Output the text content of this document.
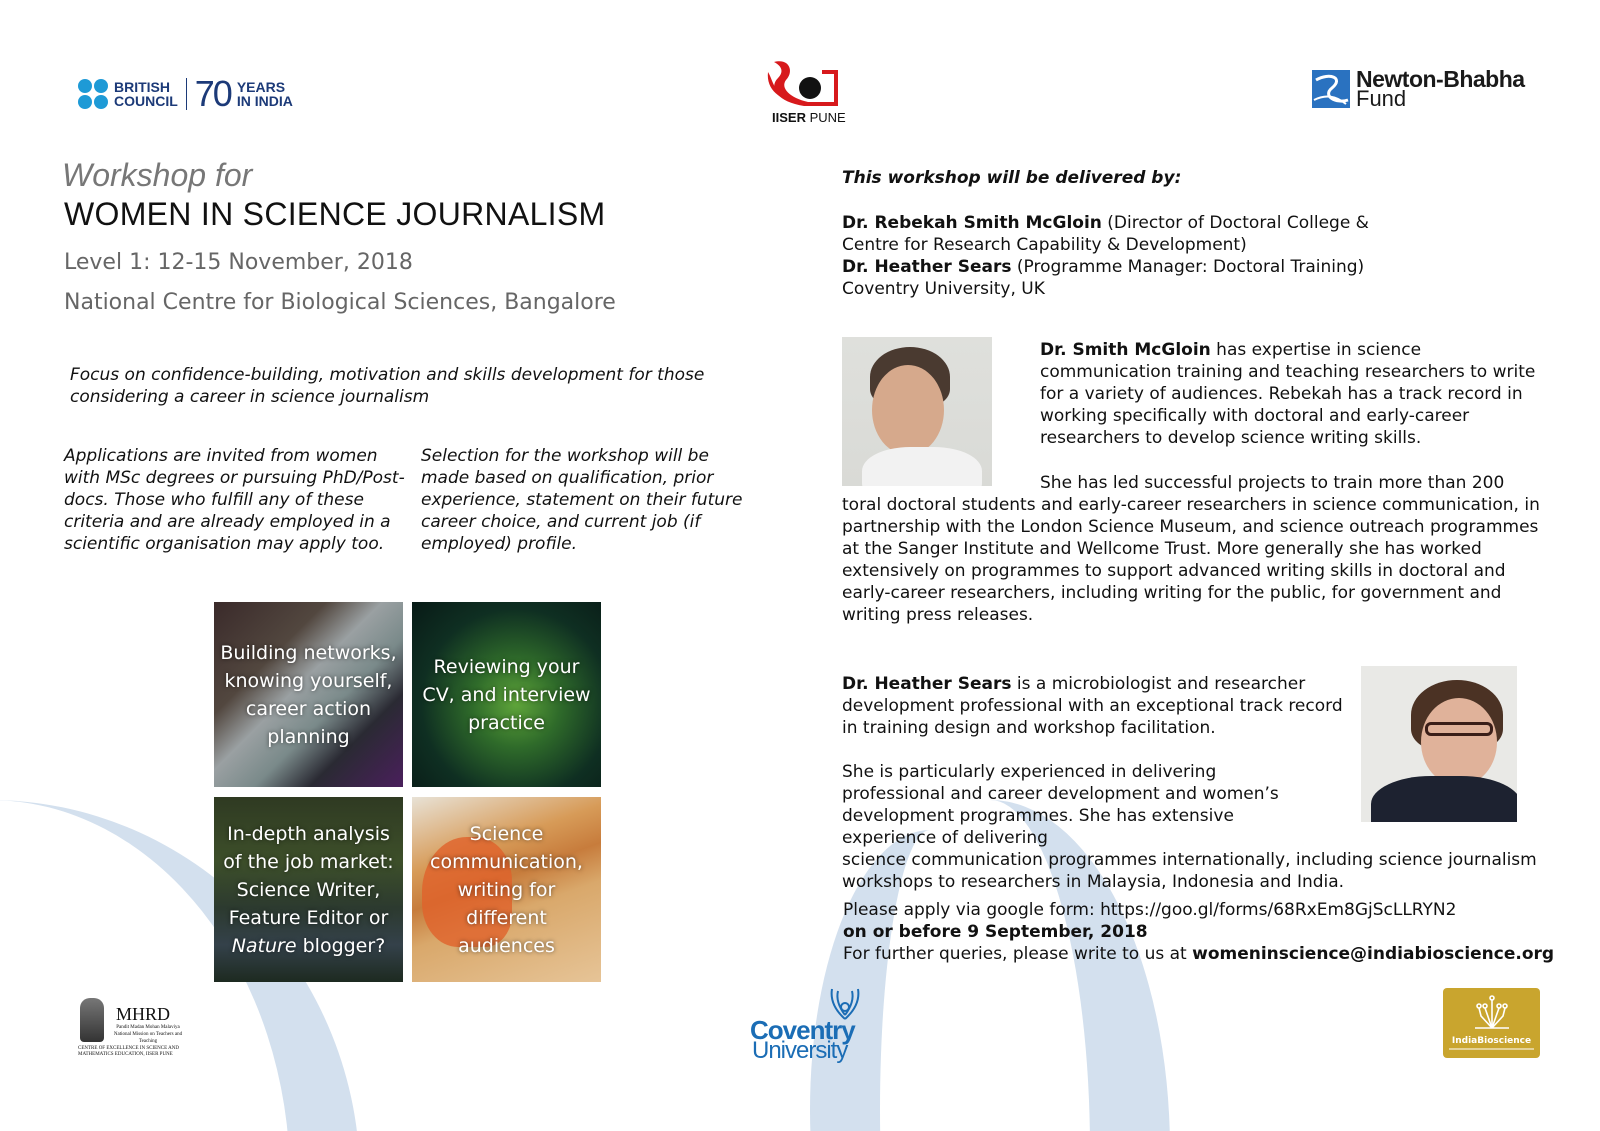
BRITISH
COUNCIL 70 YEARS
IN INDIA
IISER PUNE
Newton-Bhabha
Fund
Workshop for
WOMEN IN SCIENCE JOURNALISM
Level 1: 12-15 November, 2018
National Centre for Biological Sciences, Bangalore
Focus on confidence-building, motivation and skills development for those considering a career in science journalism
Applications are invited from women with MSc degrees or pursuing PhD/Post-docs. Those who fulfill any of these criteria and are already employed in a scientific organisation may apply too.
Selection for the workshop will be made based on qualification, prior experience, statement on their future career choice, and current job (if employed) profile.
Building networks, knowing yourself, career action planning
Reviewing your CV, and interview practice
In-depth analysis of the job market: Science Writer, Feature Editor or Nature blogger?
Science communication, writing for different audiences
This workshop will be delivered by:
Dr. Rebekah Smith McGloin (Director of Doctoral College & Centre for Research Capability & Development)
Dr. Heather Sears (Programme Manager: Doctoral Training)
Coventry University, UK
Dr. Smith McGloin has expertise in science communication training and teaching researchers to write for a variety of audiences. Rebekah has a track record in working specifically with doctoral and early-career researchers to develop science writing skills.
She has led successful projects to train more than 200 toral doctoral students and early-career researchers in science communication, in partnership with the London Science Museum, and science outreach programmes at the Sanger Institute and Wellcome Trust. More generally she has worked extensively on programmes to support advanced writing skills in doctoral and early-career researchers, including writing for the public, for government and writing press releases.
Dr. Heather Sears is a microbiologist and researcher development professional with an exceptional track record in training design and workshop facilitation.
She is particularly experienced in delivering professional and career development and women’s development programmes. She has extensive experience of delivering
science communication programmes internationally, including science journalism workshops to researchers in Malaysia, Indonesia and India.
Please apply via google form: https://goo.gl/forms/68RxEm8GjScLLRYN2
on or before 9 September, 2018
For further queries, please write to us at womeninscience@indiabioscience.org
MHRD
Pandit Madan Mohan Malaviya National Mission on Teachers and Teaching
CENTRE OF EXCELLENCE IN SCIENCE AND MATHEMATICS EDUCATION, IISER PUNE
Coventry
University	IndiaBioscience
